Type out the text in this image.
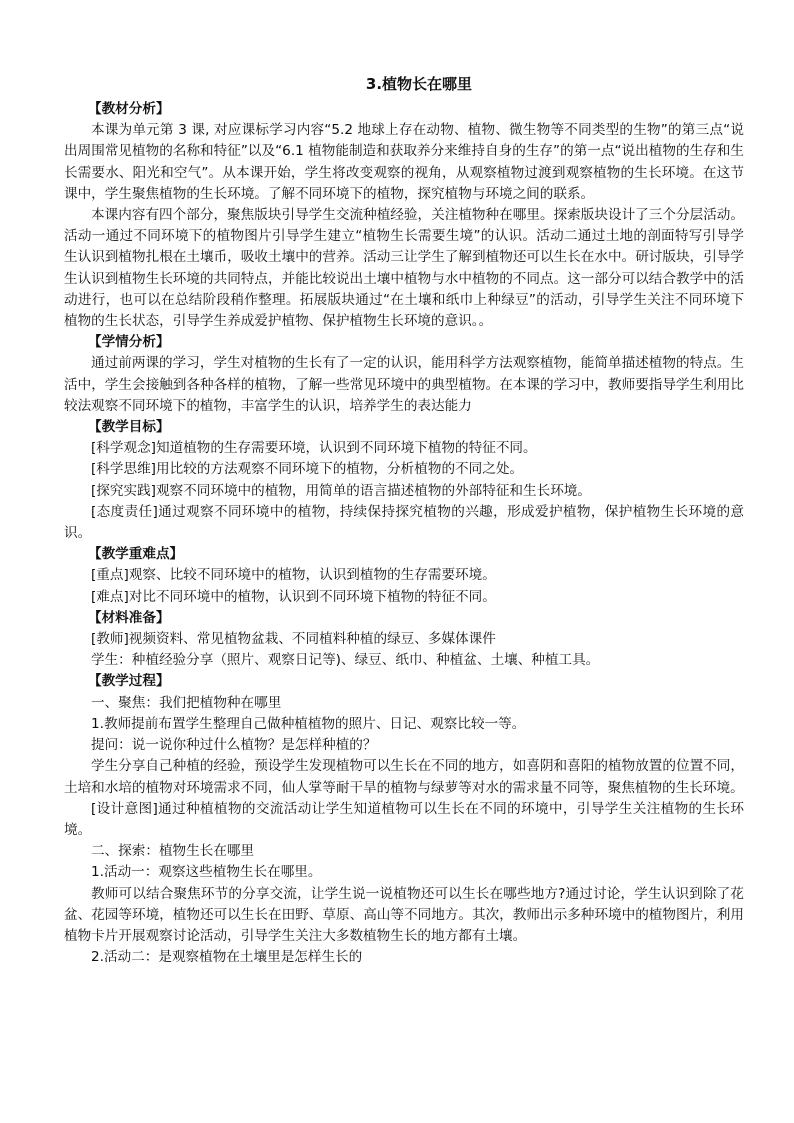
3.植物长在哪里
【教材分析】
本课为单元第 3 课, 对应课标学习内容“5.2 地球上存在动物、植物、微生物等不同类型的生物”的第三点“说出周围常见植物的名称和特征”以及“6.1 植物能制造和获取养分来维持自身的生存”的第一点“说出植物的生存和生长需要水、阳光和空气”。从本课开始，学生将改变观察的视角，从观察植物过渡到观察植物的生长环境。在这节课中，学生聚焦植物的生长环境。了解不同环境下的植物，探究植物与环境之间的联系。
本课内容有四个部分，聚焦版块引导学生交流种植经验，关注植物种在哪里。探索版块设计了三个分层活动。活动一通过不同环境下的植物图片引导学生建立“植物生长需要生境”的认识。活动二通过土地的剖面特写引导学生认识到植物扎根在土壤币，吸收土壤中的营养。活动三让学生了解到植物还可以生长在水中。研讨版块，引导学生认识到植物生长环境的共同特点，并能比较说出土壤中植物与水中植物的不同点。这一部分可以结合教学中的活动进行，也可以在总结阶段稍作整理。拓展版块通过“在土壤和纸巾上种绿豆”的活动，引导学生关注不同环境下植物的生长状态，引导学生养成爱护植物、保护植物生长环境的意识。。
【学情分析】
通过前两课的学习，学生对植物的生长有了一定的认识，能用科学方法观察植物，能简单描述植物的特点。生活中，学生会接触到各种各样的植物，了解一些常见环境中的典型植物。在本课的学习中，教师要指导学生利用比较法观察不同环境下的植物，丰富学生的认识，培养学生的表达能力
【教学目标】
[科学观念]知道植物的生存需要环境，认识到不同环境下植物的特征不同。
[科学思维]用比较的方法观察不同环境下的植物，分析植物的不同之处。
[探究实践]观察不同环境中的植物，用简单的语言描述植物的外部特征和生长环境。
[态度责任]通过观察不同环境中的植物，持续保持探究植物的兴趣，形成爱护植物，保护植物生长环境的意识。
【教学重难点】
[重点]观察、比较不同环境中的植物，认识到植物的生存需要环境。
[难点]对比不同环境中的植物，认识到不同环境下植物的特征不同。
【材料准备】
[教师]视频资料、常见植物盆栽、不同植料种植的绿豆、多媒体课件
学生：种植经验分享（照片、观察日记等)、绿豆、纸巾、种植盆、土壤、种植工具。
【教学过程】
一、聚焦：我们把植物种在哪里
1.教师提前布置学生整理自己做种植植物的照片、日记、观察比较一等。
提问：说一说你种过什么植物？是怎样种植的？
学生分享自己种植的经验，预设学生发现植物可以生长在不同的地方，如喜阴和喜阳的植物放置的位置不同，土培和水培的植物对环境需求不同，仙人掌等耐干旱的植物与绿萝等对水的需求量不同等，聚焦植物的生长环境。
[设计意图]通过种植植物的交流活动让学生知道植物可以生长在不同的环境中，引导学生关注植物的生长环境。
二、探索：植物生长在哪里
1.活动一：观察这些植物生长在哪里。
教师可以结合聚焦环节的分享交流，让学生说一说植物还可以生长在哪些地方?通过讨论，学生认识到除了花盆、花园等环境，植物还可以生长在田野、草原、高山等不同地方。其次，教师出示多种环境中的植物图片，利用植物卡片开展观察讨论活动，引导学生关注大多数植物生长的地方都有土壤。
2.活动二：是观察植物在土壤里是怎样生长的
